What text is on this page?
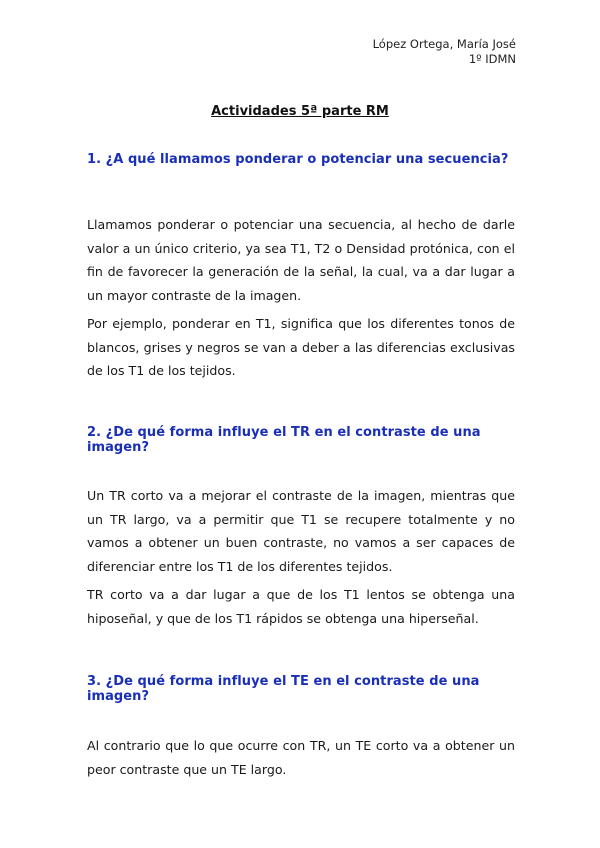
López Ortega, María José
1º IDMN
Actividades 5ª parte RM
1. ¿A qué llamamos ponderar o potenciar una secuencia?
Llamamos ponderar o potenciar una secuencia, al hecho de darle valor a un único criterio, ya sea T1, T2 o Densidad protónica, con el fin de favorecer la generación de la señal, la cual, va a dar lugar a un mayor contraste de la imagen.
Por ejemplo, ponderar en T1, significa que los diferentes tonos de blancos, grises y negros se van a deber a las diferencias exclusivas de los T1 de los tejidos.
2. ¿De qué forma influye el TR en el contraste de una imagen?
Un TR corto va a mejorar el contraste de la imagen, mientras que un TR largo, va a permitir que T1 se recupere totalmente y no vamos a obtener un buen contraste, no vamos a ser capaces de diferenciar entre los T1 de los diferentes tejidos.
TR corto va a dar lugar a que de los T1 lentos se obtenga una hiposeñal, y que de los T1 rápidos se obtenga una hiperseñal.
3. ¿De qué forma influye el TE en el contraste de una imagen?
Al contrario que lo que ocurre con TR, un TE corto va a obtener un peor contraste que un TE largo.
